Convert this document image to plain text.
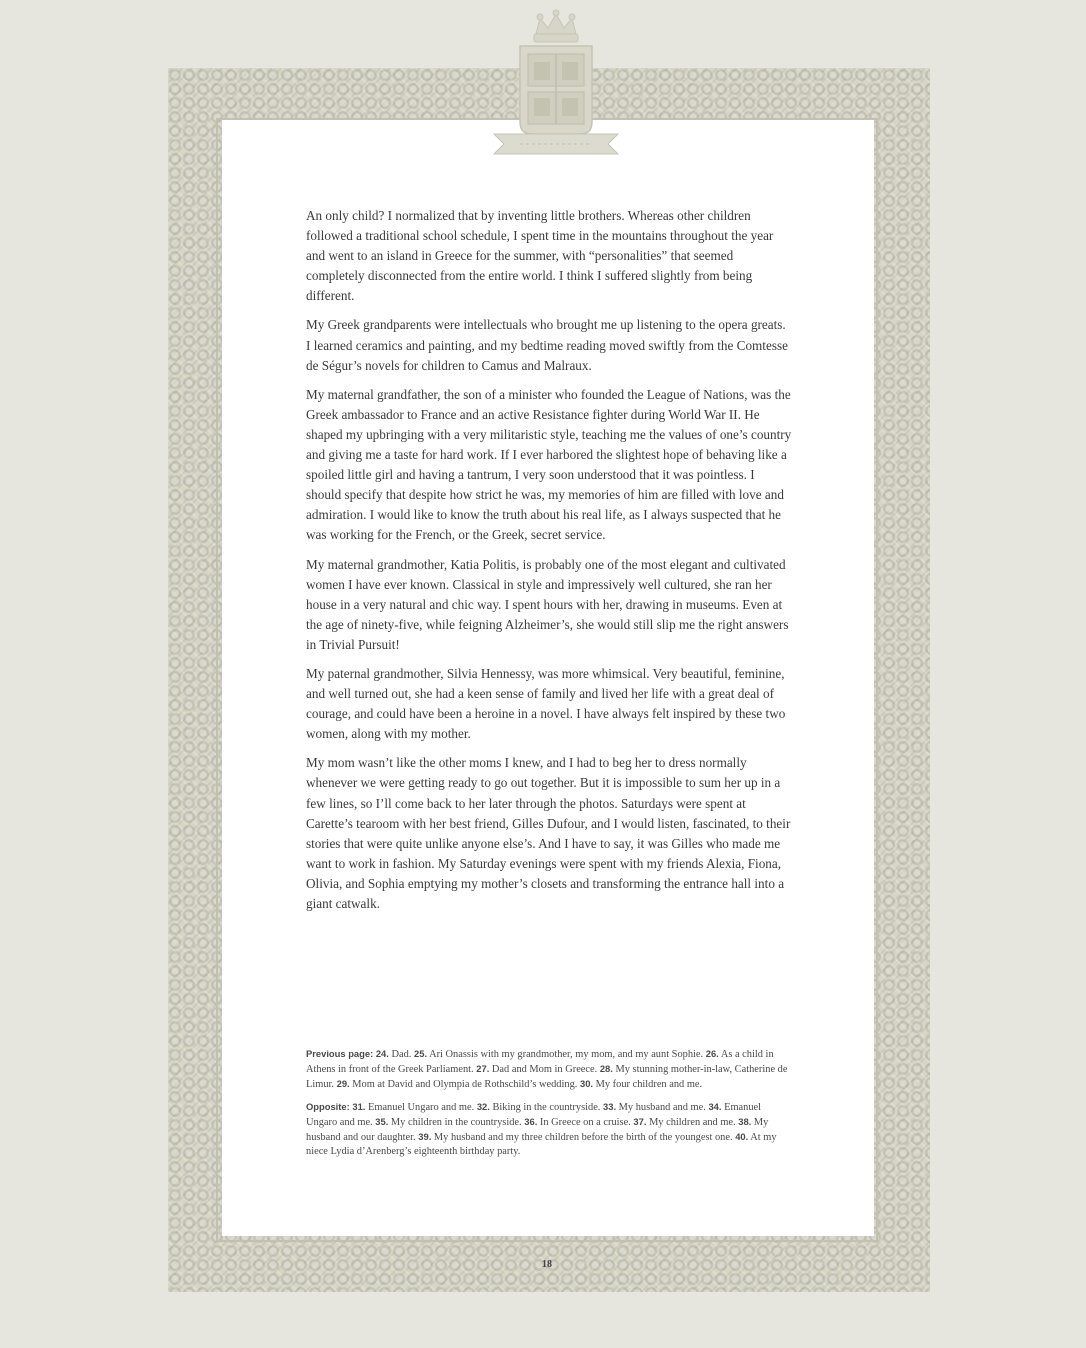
An only child? I normalized that by inventing little brothers. Whereas other children followed a traditional school schedule, I spent time in the mountains throughout the year and went to an island in Greece for the summer, with “personalities” that seemed completely disconnected from the entire world. I think I suffered slightly from being different.

My Greek grandparents were intellectuals who brought me up listening to the opera greats. I learned ceramics and painting, and my bedtime reading moved swiftly from the Comtesse de Ségur’s novels for children to Camus and Malraux.

My maternal grandfather, the son of a minister who founded the League of Nations, was the Greek ambassador to France and an active Resistance fighter during World War II. He shaped my upbringing with a very militaristic style, teaching me the values of one’s country and giving me a taste for hard work. If I ever harbored the slightest hope of behaving like a spoiled little girl and having a tantrum, I very soon understood that it was pointless. I should specify that despite how strict he was, my memories of him are filled with love and admiration. I would like to know the truth about his real life, as I always suspected that he was working for the French, or the Greek, secret service.

My maternal grandmother, Katia Politis, is probably one of the most elegant and cultivated women I have ever known. Classical in style and impressively well cultured, she ran her house in a very natural and chic way. I spent hours with her, drawing in museums. Even at the age of ninety-five, while feigning Alzheimer’s, she would still slip me the right answers in Trivial Pursuit!

My paternal grandmother, Silvia Hennessy, was more whimsical. Very beautiful, feminine, and well turned out, she had a keen sense of family and lived her life with a great deal of courage, and could have been a heroine in a novel. I have always felt inspired by these two women, along with my mother.

My mom wasn’t like the other moms I knew, and I had to beg her to dress normally whenever we were getting ready to go out together. But it is impossible to sum her up in a few lines, so I’ll come back to her later through the photos. Saturdays were spent at Carette’s tearoom with her best friend, Gilles Dufour, and I would listen, fascinated, to their stories that were quite unlike anyone else’s. And I have to say, it was Gilles who made me want to work in fashion. My Saturday evenings were spent with my friends Alexia, Fiona, Olivia, and Sophia emptying my mother’s closets and transforming the entrance hall into a giant catwalk.

Previous page: 24. Dad. 25. Ari Onassis with my grandmother, my mom, and my aunt Sophie. 26. As a child in Athens in front of the Greek Parliament. 27. Dad and Mom in Greece. 28. My stunning mother-in-law, Catherine de Limur. 29. Mom at David and Olympia de Rothschild’s wedding. 30. My four children and me.

Opposite: 31. Emanuel Ungaro and me. 32. Biking in the countryside. 33. My husband and me. 34. Emanuel Ungaro and me. 35. My children in the countryside. 36. In Greece on a cruise. 37. My children and me. 38. My husband and our daughter. 39. My husband and my three children before the birth of the youngest one. 40. At my niece Lydia d’Arenberg’s eighteenth birthday party.

18
